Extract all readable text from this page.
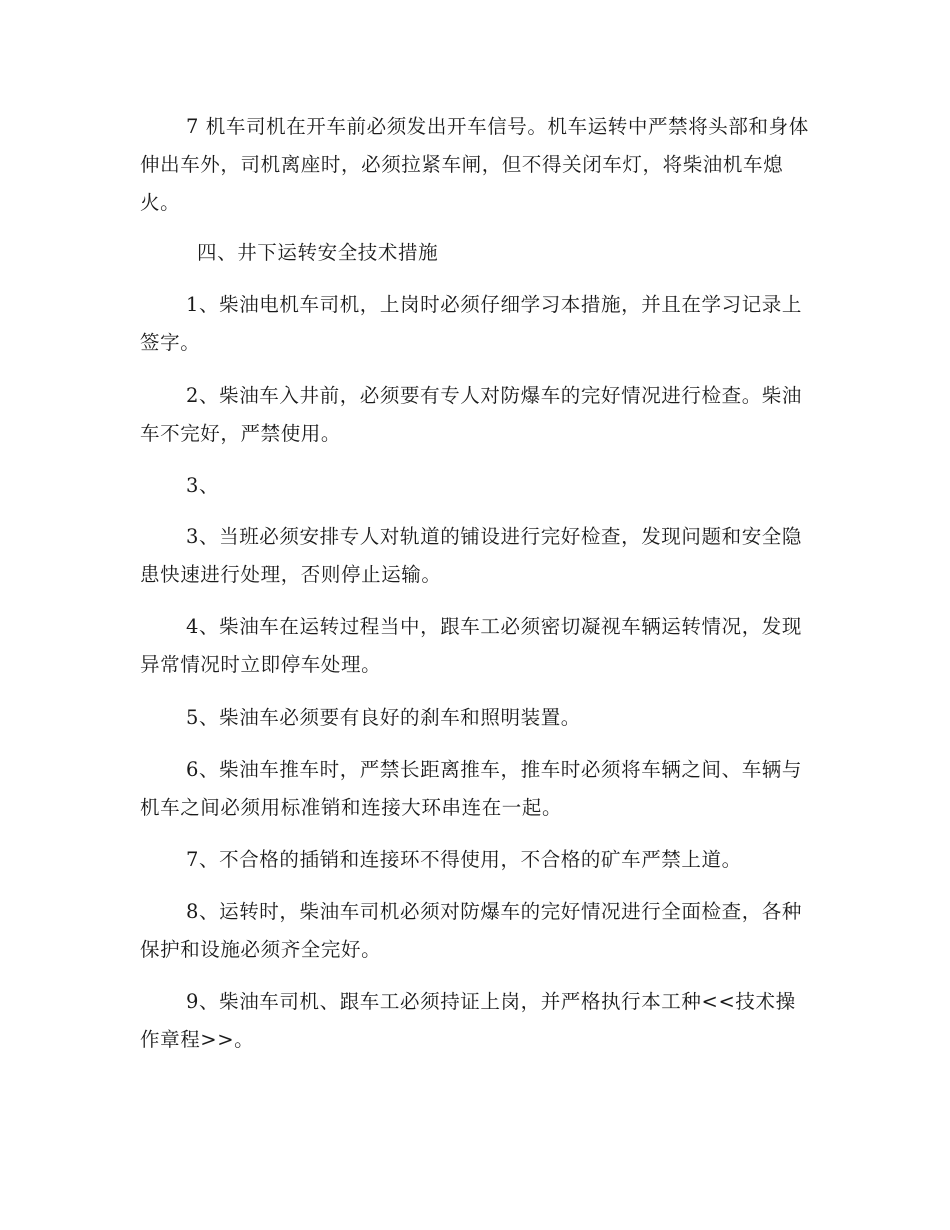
7 机车司机在开车前必须发出开车信号。机车运转中严禁将头部和身体伸出车外，司机离座时，必须拉紧车闸，但不得关闭车灯，将柴油机车熄火。

四、井下运转安全技术措施

1、柴油电机车司机，上岗时必须仔细学习本措施，并且在学习记录上签字。

2、柴油车入井前，必须要有专人对防爆车的完好情况进行检查。柴油车不完好，严禁使用。

3、

3、当班必须安排专人对轨道的铺设进行完好检查，发现问题和安全隐患快速进行处理，否则停止运输。

4、柴油车在运转过程当中，跟车工必须密切凝视车辆运转情况，发现异常情况时立即停车处理。

5、柴油车必须要有良好的刹车和照明装置。

6、柴油车推车时，严禁长距离推车，推车时必须将车辆之间、车辆与机车之间必须用标准销和连接大环串连在一起。

7、不合格的插销和连接环不得使用，不合格的矿车严禁上道。

8、运转时，柴油车司机必须对防爆车的完好情况进行全面检查，各种保护和设施必须齐全完好。

9、柴油车司机、跟车工必须持证上岗，并严格执行本工种<<技术操作章程>>。
